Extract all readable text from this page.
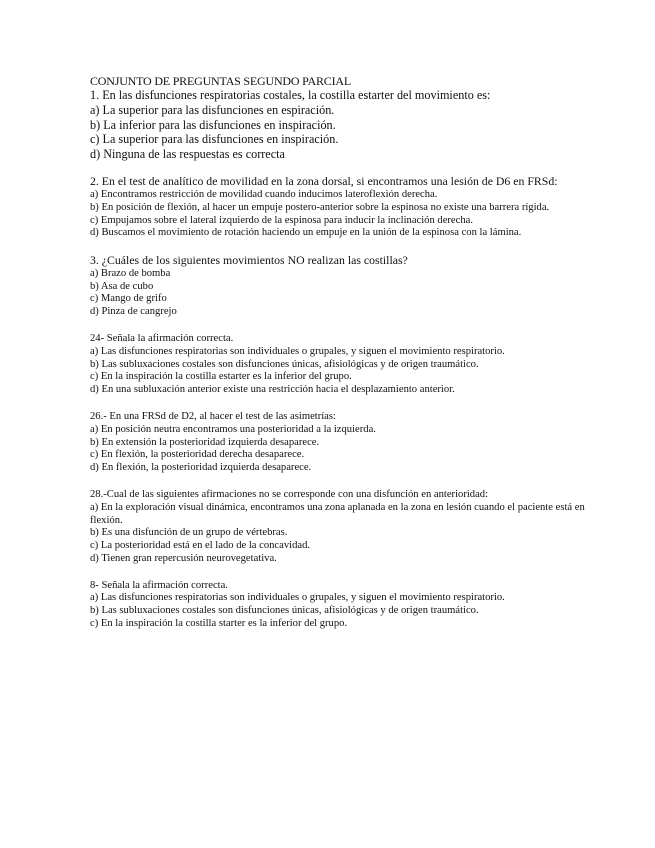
CONJUNTO DE PREGUNTAS SEGUNDO PARCIAL
1. En las disfunciones respiratorias costales, la costilla estarter del movimiento es:
a) La superior para las disfunciones en espiración.
b) La inferior para las disfunciones en inspiración.
c) La superior para las disfunciones en inspiración.
d) Ninguna de las respuestas es correcta
2. En el test de analítico de movilidad en la zona dorsal, si encontramos una lesión de D6 en FRSd:
a) Encontramos restricción de movilidad cuando inducimos lateroflexión derecha.
b) En posición de flexión, al hacer un empuje postero-anterior sobre la espinosa no existe una barrera rígida.
c) Empujamos sobre el lateral izquierdo de la espinosa para inducir la inclinación derecha.
d) Buscamos el movimiento de rotación haciendo un empuje en la unión de la espinosa con la lámina.
3. ¿Cuáles de los siguientes movimientos NO realizan las costillas?
a) Brazo de bomba
b) Asa de cubo
c) Mango de grifo
d) Pinza de cangrejo
24- Señala la afirmación correcta.
a) Las disfunciones respiratorias son individuales o grupales, y siguen el movimiento respiratorio.
b) Las subluxaciones costales son disfunciones únicas, afisiológicas y de origen traumático.
c) En la inspiración la costilla estarter es la inferior del grupo.
d) En una subluxación anterior existe una restricción hacia el desplazamiento anterior.
26.- En una FRSd de D2, al hacer el test de las asimetrías:
a) En posición neutra encontramos una posterioridad a la izquierda.
b) En extensión la posterioridad izquierda desaparece.
c) En flexión, la posterioridad derecha desaparece.
d) En flexión, la posterioridad izquierda desaparece.
28.-Cual de las siguientes afirmaciones no se corresponde con una disfunción en anterioridad:
a) En la exploración visual dinámica, encontramos una zona aplanada en la zona en lesión cuando el paciente está en flexión.
b) Es una disfunción de un grupo de vértebras.
c) La posterioridad está en el lado de la concavidad.
d) Tienen gran repercusión neurovegetativa.
8- Señala la afirmación correcta.
a) Las disfunciones respiratorias son individuales o grupales, y siguen el movimiento respiratorio.
b) Las subluxaciones costales son disfunciones únicas, afisiológicas y de origen traumático.
c) En la inspiración la costilla starter es la inferior del grupo.
